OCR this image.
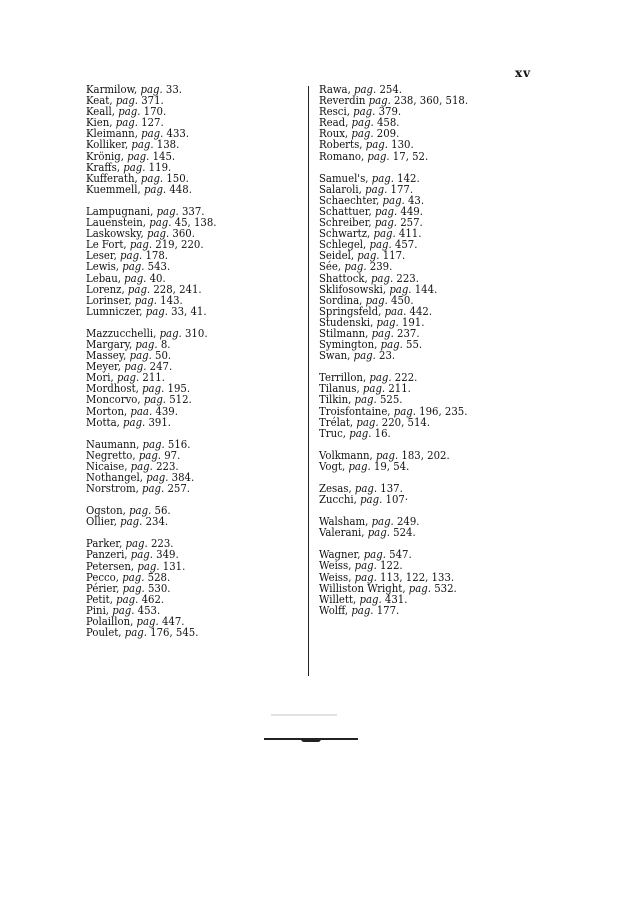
xv
Karmilow, pag. 33.
Keat, pag. 371.
Keall, pag. 170.
Kien, pag. 127.
Kleimann, pag. 433.
Kolliker, pag. 138.
Krönig, pag. 145.
Kraffs, pag. 119.
Kufferath, pag. 150.
Kuemmell, pag. 448.
Lampugnani, pag. 337.
Lauenstein, pag. 45, 138.
Laskowsky, pag. 360.
Le Fort, pag. 219, 220.
Leser, pag. 178.
Lewis, pag. 543.
Lebau, pag. 40.
Lorenz, pag. 228, 241.
Lorinser, pag. 143.
Lumniczer, pag. 33, 41.
Mazzucchelli, pag. 310.
Margary, pag. 8.
Massey, pag. 50.
Meyer, pag. 247.
Mori, pag. 211.
Mordhost, pag. 195.
Moncorvo, pag. 512.
Morton, paa. 439.
Motta, pag. 391.
Naumann, pag. 516.
Negretto, pag. 97.
Nicaise, pag. 223.
Nothangel, pag. 384.
Norstrom, pag. 257.
Ogston, pag. 56.
Ollier, pag. 234.
Parker, pag. 223.
Panzeri, pag. 349.
Petersen, pag. 131.
Pecco, pag. 528.
Périer, pag. 530.
Petit, pag. 462.
Pini, pag. 453.
Polaillon, pag. 447.
Poulet, pag. 176, 545.
Rawa, pag. 254.
Reverdin pag. 238, 360, 518.
Resci, pag. 379.
Read, pag. 458.
Roux, pag. 209.
Roberts, pag. 130.
Romano, pag. 17, 52.
Samuel's, pag. 142.
Salaroli, pag. 177.
Schaechter, pag. 43.
Schattuer, pag. 449.
Schreiber, pag. 257.
Schwartz, pag. 411.
Schlegel, pag. 457.
Seidel, pag. 117.
Sée, pag. 239.
Shattock, pag. 223.
Sklifosowski, pag. 144.
Sordina, pag. 450.
Springsfeld, paa. 442.
Studenski, pag. 191.
Stilmann, pag. 237.
Symington, pag. 55.
Swan, pag. 23.
Terrillon, pag. 222.
Tilanus, pag. 211.
Tilkin, pag. 525.
Troisfontaine, pag. 196, 235.
Trélat, pag. 220, 514.
Truc, pag. 16.
Volkmann, pag. 183, 202.
Vogt, pag. 19, 54.
Zesas, pag. 137.
Zucchi, pag. 107·
Walsham, pag. 249.
Valerani, pag. 524.
Wagner, pag. 547.
Weiss, pag. 122.
Weiss, pag. 113, 122, 133.
Williston Wright, pag. 532.
Willett, pag. 431.
Wolff, pag. 177.
